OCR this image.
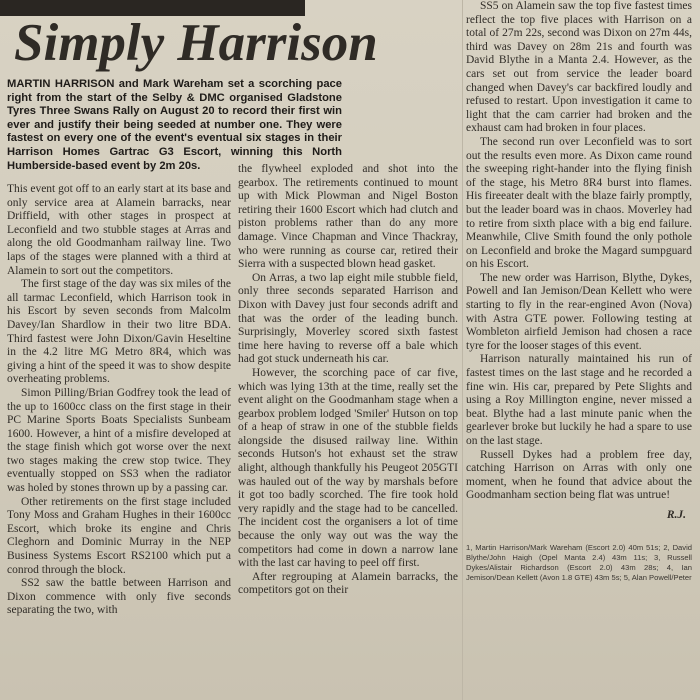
Simply Harrison

MARTIN HARRISON and Mark Wareham set a scorching pace right from the start of the Selby & DMC organised Gladstone Tyres Three Swans Rally on August 20 to record their first win ever and justify their being seeded at number one. They were fastest on every one of the event's eventual six stages in their Harrison Homes Gartrac G3 Escort, winning this North Humberside-based event by 2m 20s.

This event got off to an early start at its base and only service area at Alamein barracks, near Driffield, with other stages in prospect at Leconfield and two stubble stages at Arras and along the old Goodmanham railway line. Two laps of the stages were planned with a third at Alamein to sort out the competitors.

The first stage of the day was six miles of the all tarmac Leconfield, which Harrison took in his Escort by seven seconds from Malcolm Davey/Ian Shardlow in their two litre BDA. Third fastest were John Dixon/Gavin Heseltine in the 4.2 litre MG Metro 8R4, which was giving a hint of the speed it was to show despite overheating problems.

Simon Pilling/Brian Godfrey took the lead of the up to 1600cc class on the first stage in their PC Marine Sports Boats Specialists Sunbeam 1600. However, a hint of a misfire developed at the stage finish which got worse over the next two stages making the crew stop twice. They eventually stopped on SS3 when the radiator was holed by stones thrown up by a passing car.

Other retirements on the first stage included Tony Moss and Graham Hughes in their 1600cc Escort, which broke its engine and Chris Cleghorn and Dominic Murray in the NEP Business Systems Escort RS2100 which put a conrod through the block.

SS2 saw the battle between Harrison and Dixon commence with only five seconds separating the two, with

the flywheel exploded and shot into the gearbox. The retirements continued to mount up with Mick Plowman and Nigel Boston retiring their 1600 Escort which had clutch and piston problems rather than do any more damage. Vince Chapman and Vince Thackray, who were running as course car, retired their Sierra with a suspected blown head gasket.

On Arras, a two lap eight mile stubble field, only three seconds separated Harrison and Dixon with Davey just four seconds adrift and that was the order of the leading bunch. Surprisingly, Moverley scored sixth fastest time here having to reverse off a bale which had got stuck underneath his car.

However, the scorching pace of car five, which was lying 13th at the time, really set the event alight on the Goodmanham stage when a gearbox problem lodged 'Smiler' Hutson on top of a heap of straw in one of the stubble fields alongside the disused railway line. Within seconds Hutson's hot exhaust set the straw alight, although thankfully his Peugeot 205GTI was hauled out of the way by marshals before it got too badly scorched. The fire took hold very rapidly and the stage had to be cancelled. The incident cost the organisers a lot of time because the only way out was the way the competitors had come in down a narrow lane with the last car having to peel off first.

After regrouping at Alamein barracks, the competitors got on their

SS5 on Alamein saw the top five fastest times reflect the top five places with Harrison on a total of 27m 22s, second was Dixon on 27m 44s, third was Davey on 28m 21s and fourth was David Blythe in a Manta 2.4. However, as the cars set out from service the leader board changed when Davey's car backfired loudly and refused to restart. Upon investigation it came to light that the cam carrier had broken and the exhaust cam had broken in four places.

The second run over Leconfield was to sort out the results even more. As Dixon came round the sweeping right-hander into the flying finish of the stage, his Metro 8R4 burst into flames. His fireeater dealt with the blaze fairly promptly, but the leader board was in chaos. Moverley had to retire from sixth place with a big end failure. Meanwhile, Clive Smith found the only pothole on Leconfield and broke the Magard sumpguard on his Escort.

The new order was Harrison, Blythe, Dykes, Powell and Ian Jemison/Dean Kellett who were starting to fly in the rear-engined Avon (Nova) with Astra GTE power. Following testing at Wombleton airfield Jemison had chosen a race tyre for the looser stages of this event.

Harrison naturally maintained his run of fastest times on the last stage and he recorded a fine win. His car, prepared by Pete Slights and using a Roy Millington engine, never missed a beat. Blythe had a last minute panic when the gearlever broke but luckily he had a spare to use on the last stage.

Russell Dykes had a problem free day, catching Harrison on Arras with only one moment, when he found that advice about the Goodmanham section being flat was untrue!

R.J.
1, Martin Harrison/Mark Wareham (Escort 2.0) 40m 51s; 2, David Blythe/John Haigh (Opel Manta 2.4) 43m 11s; 3, Russell Dykes/Alistair Richardson (Escort 2.0) 43m 28s; 4, Ian Jemison/Dean Kellett (Avon 1.8 GTE) 43m 5s; 5, Alan Powell/Peter
